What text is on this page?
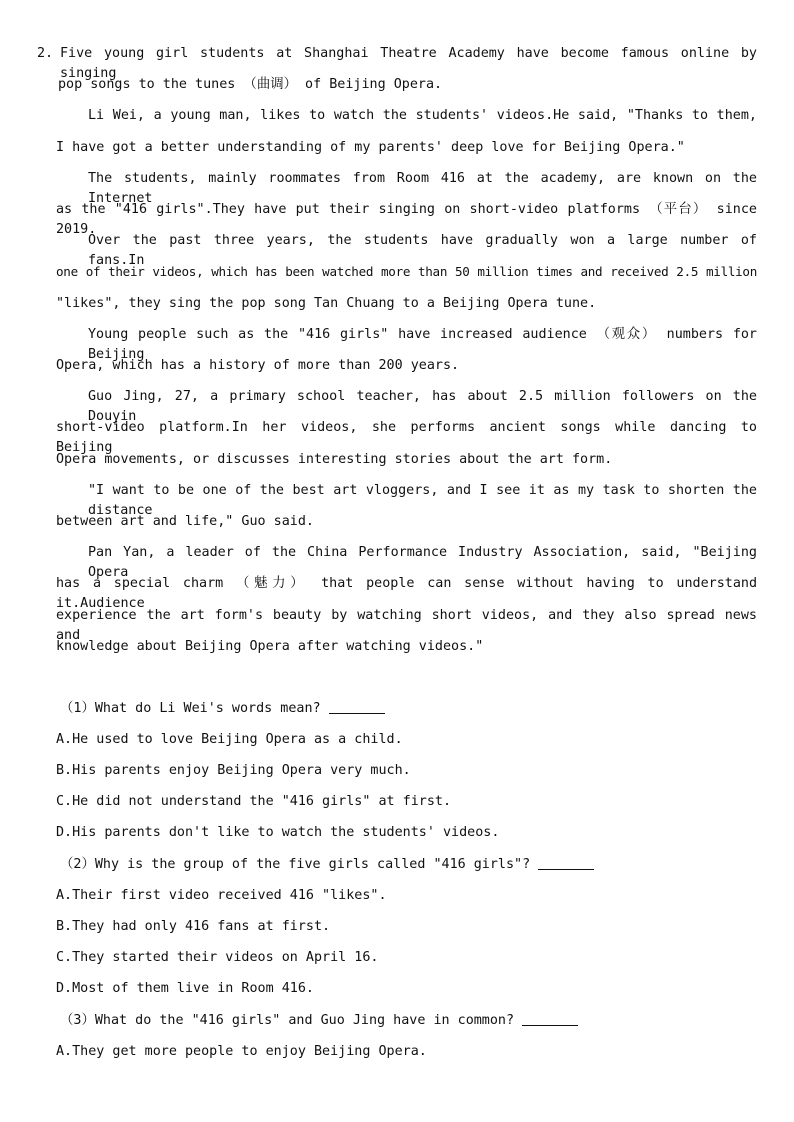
2. Five young girl students at Shanghai Theatre Academy have become famous online by singing
pop songs to the tunes （曲调） of Beijing Opera.
Li Wei, a young man, likes to watch the students' videos.He said, "Thanks to them,
I have got a better understanding of my parents' deep love for Beijing Opera."
The students, mainly roommates from Room 416 at the academy, are known on the Internet
as the "416 girls".They have put their singing on short-video platforms （平台） since 2019.
Over the past three years, the students have gradually won a large number of fans.In
one of their videos, which has been watched more than 50 million times and received 2.5 million
"likes", they sing the pop song Tan Chuang to a Beijing Opera tune.
Young people such as the "416 girls" have increased audience （观众） numbers for Beijing
Opera, which has a history of more than 200 years.
Guo Jing, 27, a primary school teacher, has about 2.5 million followers on the Douyin
short-video platform.In her videos, she performs ancient songs while dancing to Beijing
Opera movements, or discusses interesting stories about the art form.
"I want to be one of the best art vloggers, and I see it as my task to shorten the distance
between art and life," Guo said.
Pan Yan, a leader of the China Performance Industry Association, said, "Beijing Opera
has a special charm （魅力） that people can sense without having to understand it.Audience
experience the art form's beauty by watching short videos, and they also spread news and
knowledge about Beijing Opera after watching videos."
（1）What do Li Wei's words mean?
A.He used to love Beijing Opera as a child.
B.His parents enjoy Beijing Opera very much.
C.He did not understand the "416 girls" at first.
D.His parents don't like to watch the students' videos.
（2）Why is the group of the five girls called "416 girls"?
A.Their first video received 416 "likes".
B.They had only 416 fans at first.
C.They started their videos on April 16.
D.Most of them live in Room 416.
（3）What do the "416 girls" and Guo Jing have in common?
A.They get more people to enjoy Beijing Opera.
